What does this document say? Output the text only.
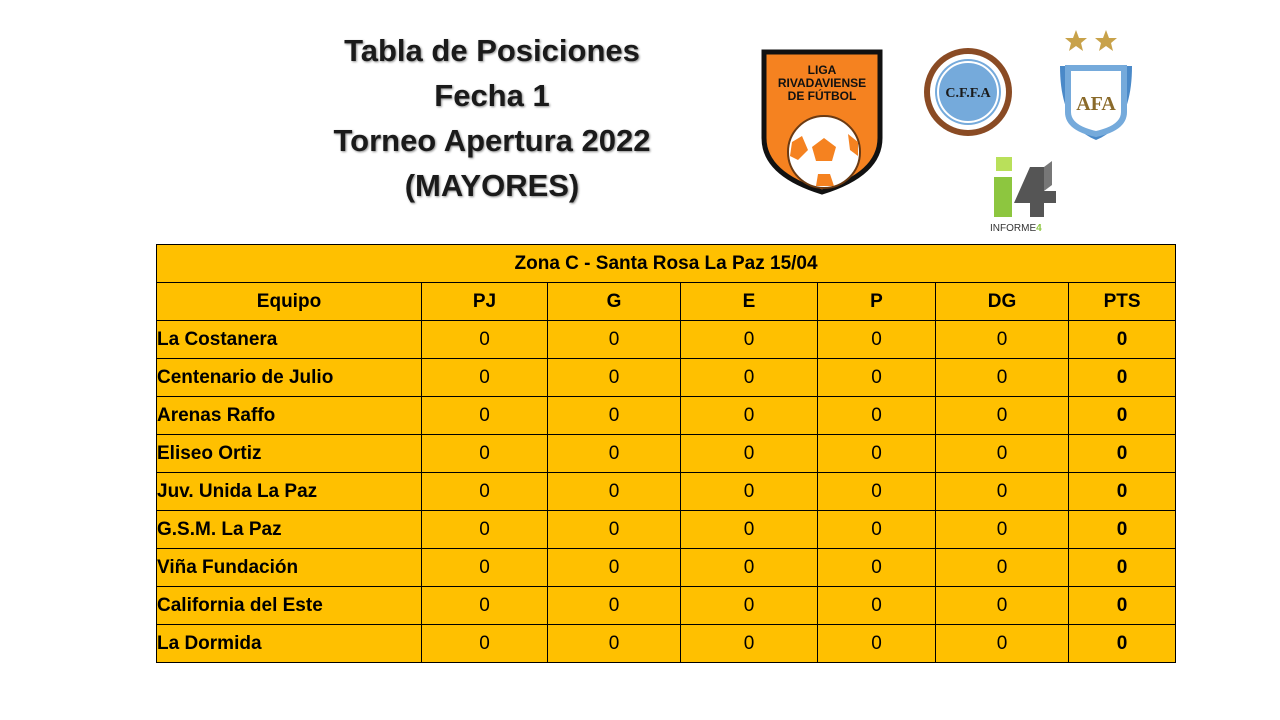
Tabla de Posiciones
Fecha 1
Torneo Apertura 2022
(MAYORES)
LIGA
RIVADAVIENSE
DE FÚTBOL	C.F.F.A	AFA
INFORME4
Zona C - Santa Rosa La Paz 15/04						
Equipo	PJ	G	E	P	DG	PTS
La Costanera	0	0	0	0	0	0
Centenario de Julio	0	0	0	0	0	0
Arenas Raffo	0	0	0	0	0	0
Eliseo Ortiz	0	0	0	0	0	0
Juv. Unida La Paz	0	0	0	0	0	0
G.S.M. La Paz	0	0	0	0	0	0
Viña Fundación	0	0	0	0	0	0
California del Este	0	0	0	0	0	0
La Dormida	0	0	0	0	0	0
